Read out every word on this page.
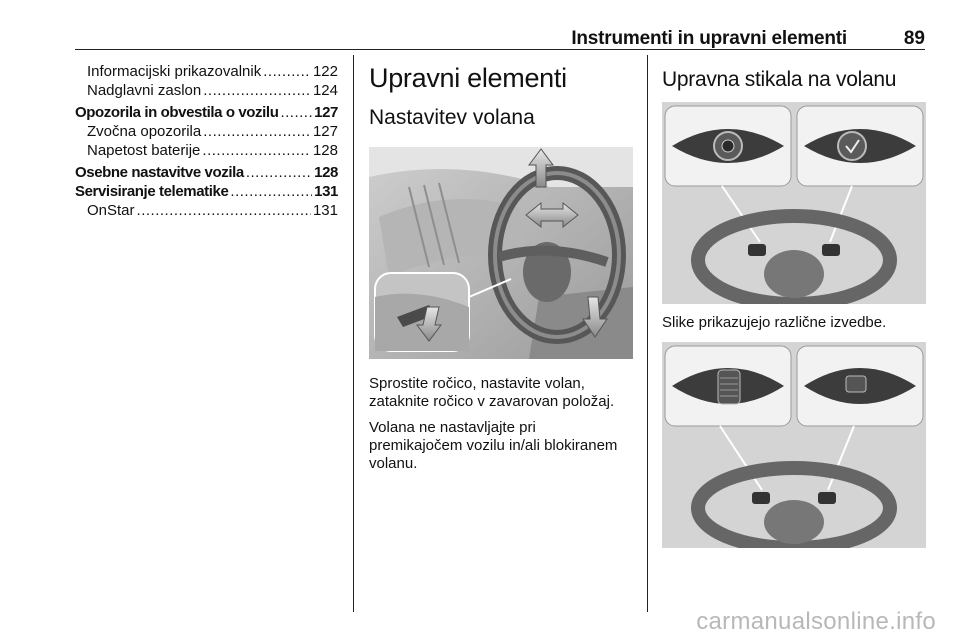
Instrumenti in upravni elementi	89
Informacijski prikazovalnik .....	122
Nadglavni zaslon .....	124
Opozorila in obvestila o vozilu ..... 127
Zvočna opozorila .....	127
Napetost baterije .....	128
Osebne nastavitve vozila .....	128
Servisiranje telematike .....	131
OnStar .....	131
Upravni elementi
Nastavitev volana

Sprostite ročico, nastavite volan, zataknite ročico v zavarovan položaj.

Volana ne nastavljajte pri premikajočem vozilu in/ali blokiranem volanu.

Upravna stikala na volanu

Slike prikazujejo različne izvedbe.

carmanualsonline.info
